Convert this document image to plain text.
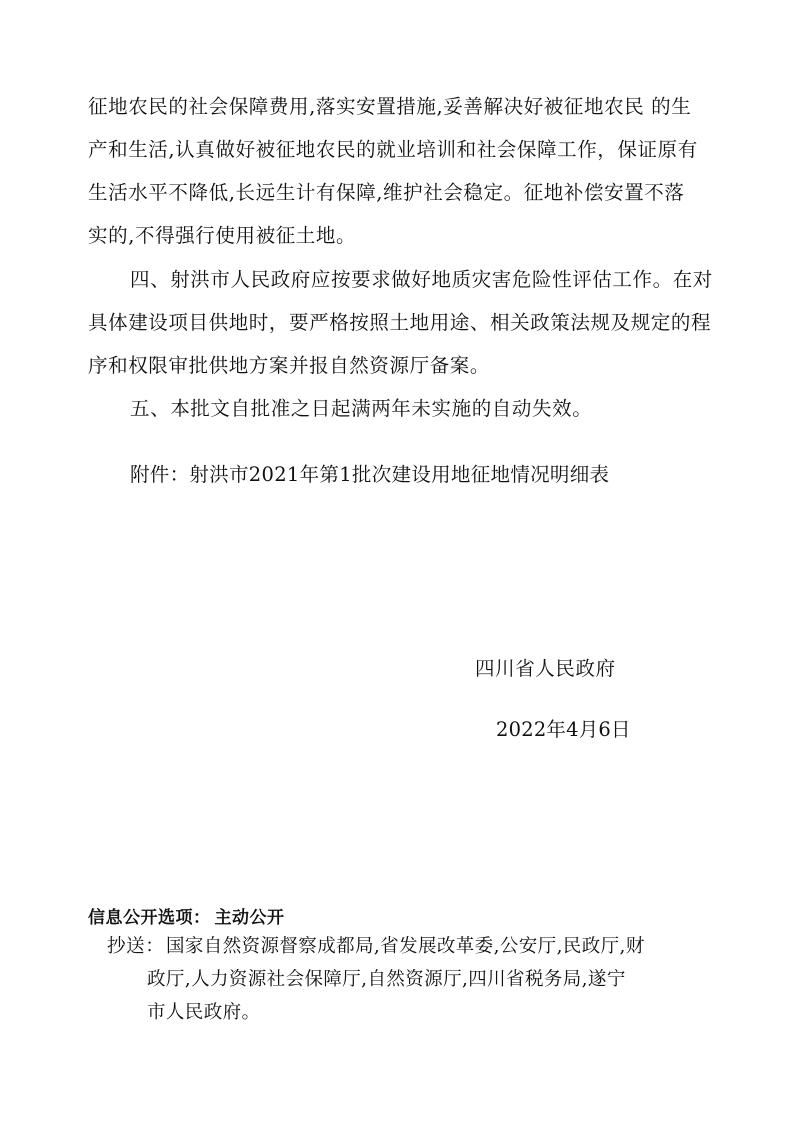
征地农民的社会保障费用,落实安置措施,妥善解决好被征地农民 的生
产和生活,认真做好被征地农民的就业培训和社会保障工作，保证原有
生活水平不降低,长远生计有保障,维护社会稳定。征地补偿安置不落
实的,不得强行使用被征土地。
四、射洪市人民政府应按要求做好地质灾害危险性评估工作。在对
具体建设项目供地时，要严格按照土地用途、相关政策法规及规定的程
序和权限审批供地方案并报自然资源厅备案。
五、本批文自批准之日起满两年未实施的自动失效。
附件：射洪市2021年第1批次建设用地征地情况明细表
四川省人民政府
2022年4月6日
信息公开选项： 主动公开
抄送： 国家自然资源督察成都局,省发展改革委,公安厅,民政厅,财
政厅,人力资源社会保障厅,自然资源厅,四川省税务局,遂宁
市人民政府。
